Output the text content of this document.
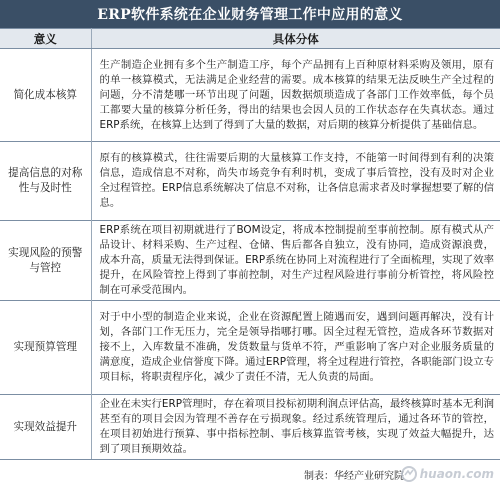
ERP软件系统在企业财务管理工作中应用的意义
意义	具体分体
简化成本核算	生产制造企业拥有多个生产制造工序，每个产品拥有上百种原材料采购及领用，原有的单一核算模式，无法满足企业经营的需要。成本核算的结果无法反映生产全过程的问题，分不清楚哪一环节出现了问题，因数据烦琐造成了各部门工作效率低，每个员工都要大量的核算分析任务，得出的结果也会因人员的工作状态存在失真状态。通过ERP系统，在核算上达到了得到了大量的数据，对后期的核算分析提供了基础信息。
提高信息的对称性与及时性	原有的核算模式，往往需要后期的大量核算工作支持，不能第一时间得到有利的决策信息，造成信息不对称，尚失市场竞争有利时机，变成了事后管控，没有及时对企业全过程管控。ERP信息系统解决了信息不对称，让各信息需求者及时掌握想要了解的信息。
实现风险的预警与管控	ERP系统在项目初期就进行了BOM设定，将成本控制提前至事前控制。原有模式从产品设计、材料采购、生产过程、仓储、售后都各自独立，没有协同，造成资源浪费，成本升高，质量无法得到保证。ERP系统在协同上对流程进行了全面梳理，实现了效率提升，在风险管控上得到了事前控制，对生产过程风险进行事前分析管控，将风险控制在可承受范围内。
实现预算管理	对于中小型的制造企业来说，企业在资源配置上随遇而安，遇到问题再解决，没有计划，各部门工作无压力，完全是领导指哪打哪。因全过程无管控，造成各环节数据对接不上，入库数量不准确，发货数量与货单不符，严重影响了客户对企业服务质量的满意度，造成企业信誉度下降。通过ERP管理，将全过程进行管控，各职能部门设立专项目标，将职责程序化，减少了责任不清，无人负责的局面。
实现效益提升	企业在未实行ERP管理时，存在着项目投标初期利润点评估高，最终核算时基本无利润甚至有的项目会因为管理不善存在亏损现象。经过系统管理后，通过各环节的管控，在项目初始进行预算、事中指标控制、事后核算监管考核，实现了效益大幅提升，达到了项目预期效益。
制表：华经产业研究院 huaon.com
